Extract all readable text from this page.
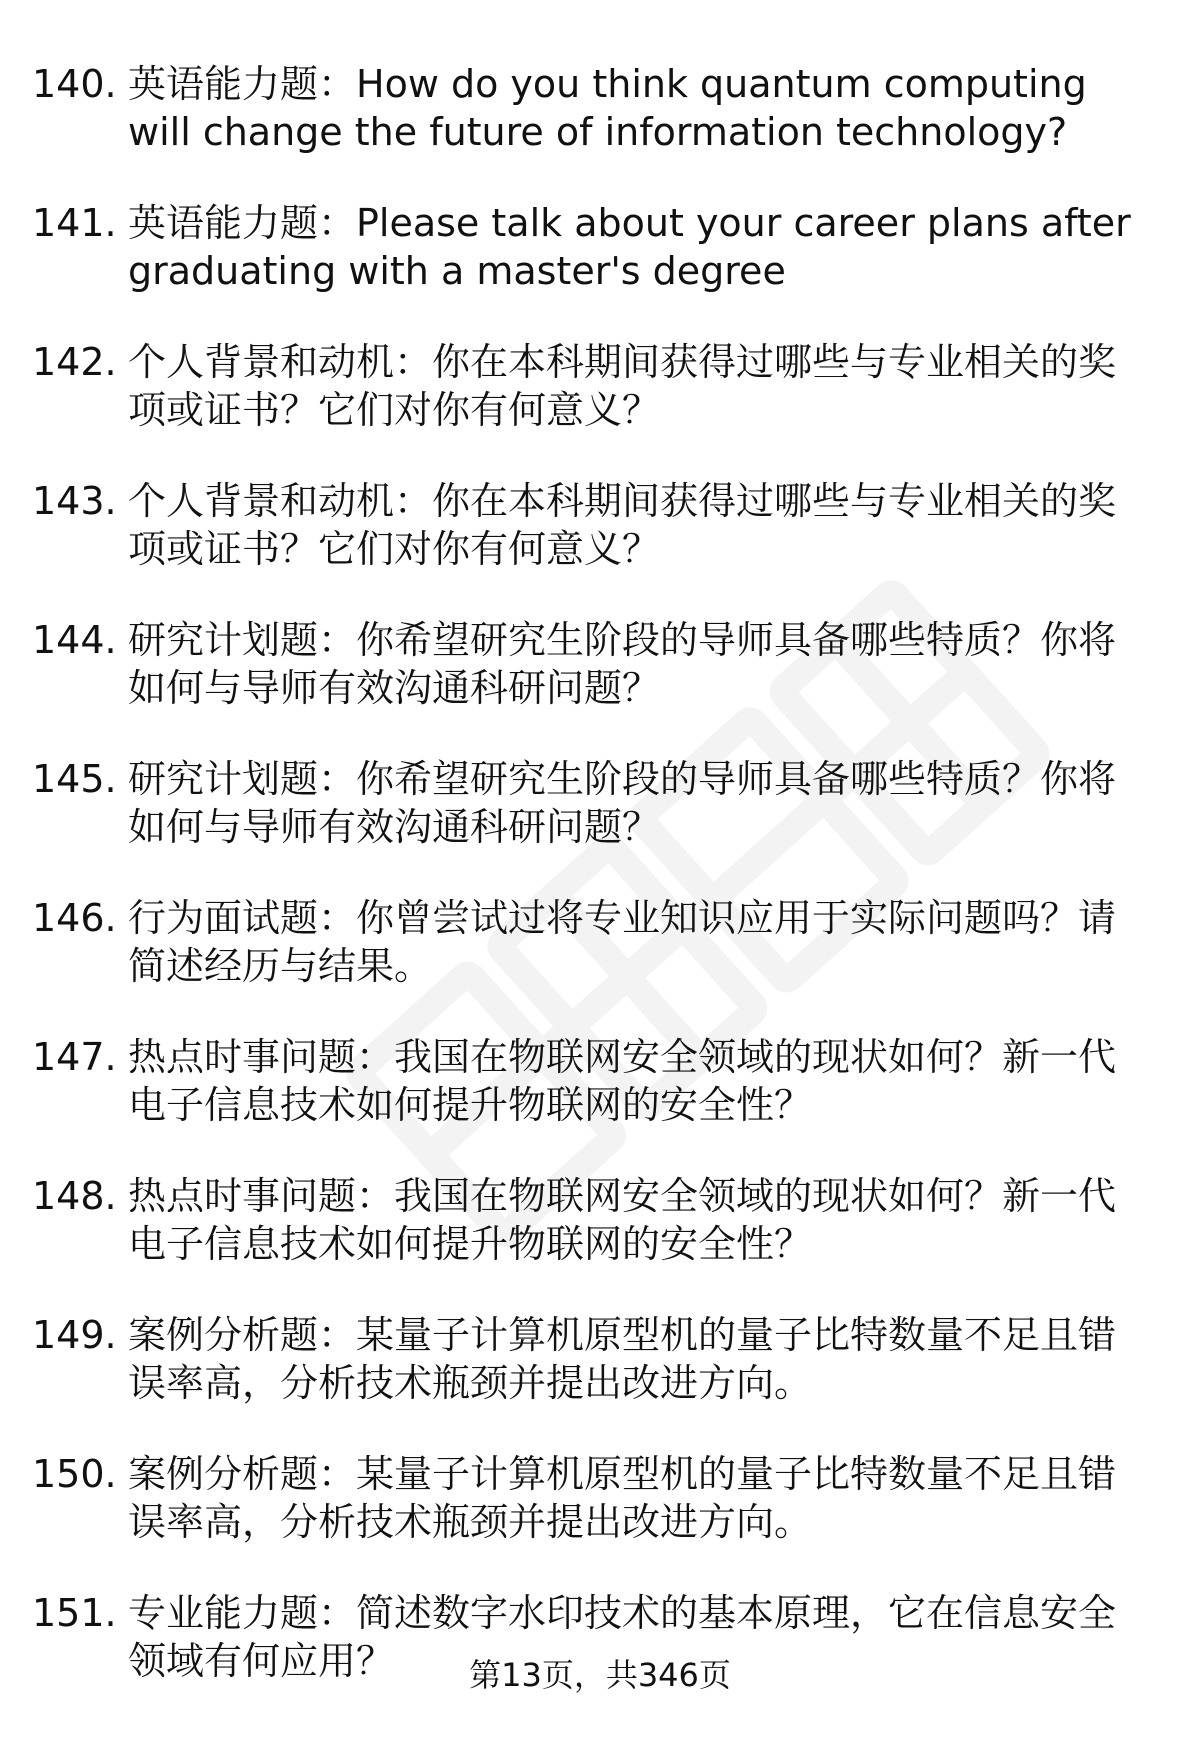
140. 英语能力题：How do you think quantum computing will change the future of information technology?
141. 英语能力题：Please talk about your career plans after graduating with a master's degree
142. 个人背景和动机：你在本科期间获得过哪些与专业相关的奖项或证书？它们对你有何意义？
143. 个人背景和动机：你在本科期间获得过哪些与专业相关的奖项或证书？它们对你有何意义？
144. 研究计划题：你希望研究生阶段的导师具备哪些特质？你将如何与导师有效沟通科研问题？
145. 研究计划题：你希望研究生阶段的导师具备哪些特质？你将如何与导师有效沟通科研问题？
146. 行为面试题：你曾尝试过将专业知识应用于实际问题吗？请简述经历与结果。
147. 热点时事问题：我国在物联网安全领域的现状如何？新一代电子信息技术如何提升物联网的安全性？
148. 热点时事问题：我国在物联网安全领域的现状如何？新一代电子信息技术如何提升物联网的安全性？
149. 案例分析题：某量子计算机原型机的量子比特数量不足且错误率高，分析技术瓶颈并提出改进方向。
150. 案例分析题：某量子计算机原型机的量子比特数量不足且错误率高，分析技术瓶颈并提出改进方向。
151. 专业能力题：简述数字水印技术的基本原理，它在信息安全领域有何应用？	第13页，共346页
